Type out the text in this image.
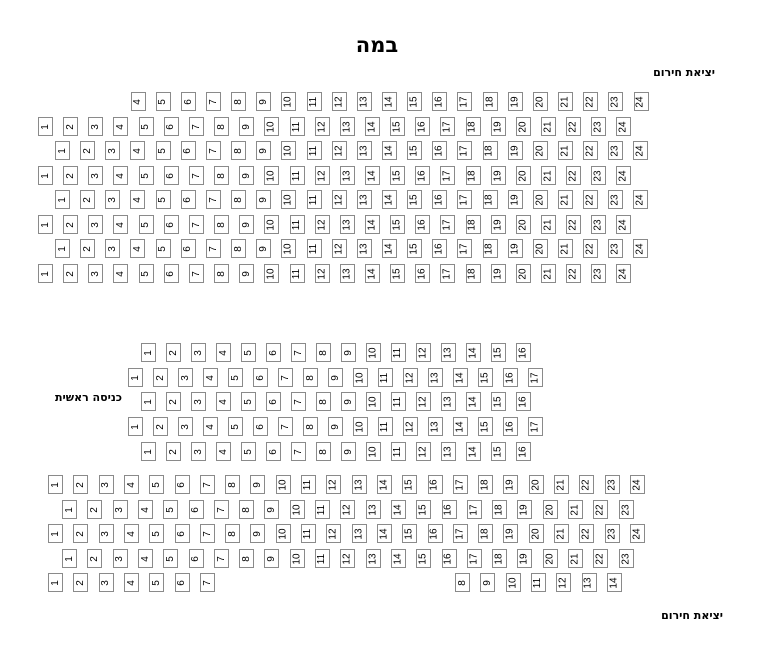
במה
יציאת חירום
כניסה ראשית
יציאת חירום
4 5 6 7 8 9 10 11 12 13 14 15 16 17 18 19 20 21 22 23 24
1 2 3 4 5 6 7 8 9 10 11 12 13 14 15 16 17 18 19 20 21 22 23 24
1 2 3 4 5 6 7 8 9 10 11 12 13 14 15 16 17 18 19 20 21 22 23 24
1 2 3 4 5 6 7 8 9 10 11 12 13 14 15 16 17 18 19 20 21 22 23 24
1 2 3 4 5 6 7 8 9 10 11 12 13 14 15 16 17 18 19 20 21 22 23 24
1 2 3 4 5 6 7 8 9 10 11 12 13 14 15 16 17 18 19 20 21 22 23 24
1 2 3 4 5 6 7 8 9 10 11 12 13 14 15 16 17 18 19 20 21 22 23 24
1 2 3 4 5 6 7 8 9 10 11 12 13 14 15 16 17 18 19 20 21 22 23 24
1 2 3 4 5 6 7 8 9 10 11 12 13 14 15 16
1 2 3 4 5 6 7 8 9 10 11 12 13 14 15 16 17
1 2 3 4 5 6 7 8 9 10 11 12 13 14 15 16
1 2 3 4 5 6 7 8 9 10 11 12 13 14 15 16 17
1 2 3 4 5 6 7 8 9 10 11 12 13 14 15 16
1 2 3 4 5 6 7 8 9 10 11 12 13 14 15 16 17 18 19 20 21 22 23 24
1 2 3 4 5 6 7 8 9 10 11 12 13 14 15 16 17 18 19 20 21 22 23
1 2 3 4 5 6 7 8 9 10 11 12 13 14 15 16 17 18 19 20 21 22 23 24
1 2 3 4 5 6 7 8 9 10 11 12 13 14 15 16 17 18 19 20 21 22 23
1 2 3 4 5 6 7	8 9 10 11 12 13 14
